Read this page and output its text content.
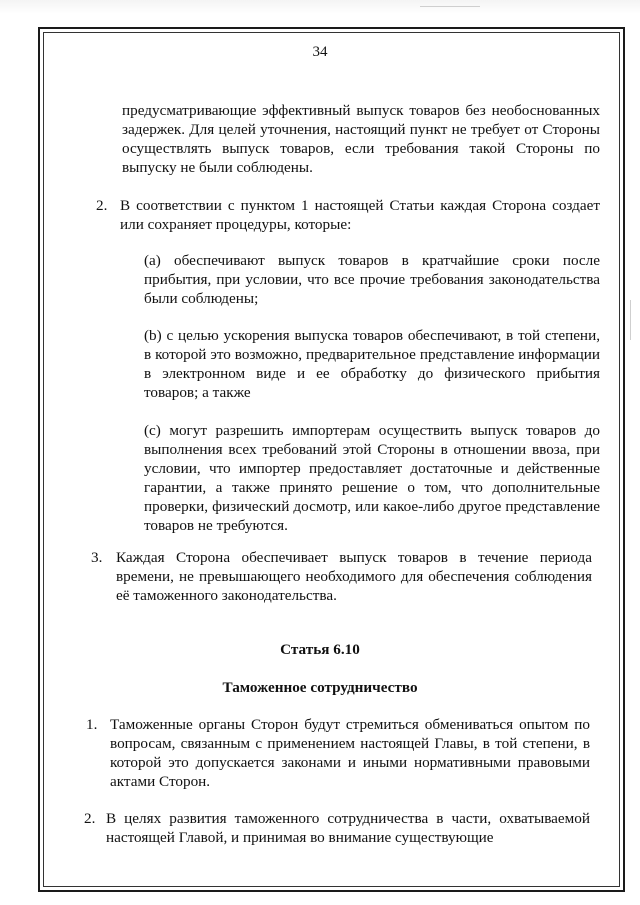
34

предусматривающие эффективный выпуск товаров без необоснованных задержек. Для целей уточнения, настоящий пункт не требует от Стороны осуществлять выпуск товаров, если требования такой Стороны по выпуску не были соблюдены.

2. В соответствии с пунктом 1 настоящей Статьи каждая Сторона создает или сохраняет процедуры, которые:

(a) обеспечивают выпуск товаров в кратчайшие сроки после прибытия, при условии, что все прочие требования законодательства были соблюдены;

(b) с целью ускорения выпуска товаров обеспечивают, в той степени, в которой это возможно, предварительное представление информации в электронном виде и ее обработку до физического прибытия товаров; а также

(c) могут разрешить импортерам осуществить выпуск товаров до выполнения всех требований этой Стороны в отношении ввоза, при условии, что импортер предоставляет достаточные и действенные гарантии, а также принято решение о том, что дополнительные проверки, физический досмотр, или какое-либо другое представление товаров не требуются.

3. Каждая Сторона обеспечивает выпуск товаров в течение периода времени, не превышающего необходимого для обеспечения соблюдения её таможенного законодательства.

Статья 6.10
Таможенное сотрудничество
1. Таможенные органы Сторон будут стремиться обмениваться опытом по вопросам, связанным с применением настоящей Главы, в той степени, в которой это допускается законами и иными нормативными правовыми актами Сторон.

2. В целях развития таможенного сотрудничества в части, охватываемой настоящей Главой, и принимая во внимание существующие
